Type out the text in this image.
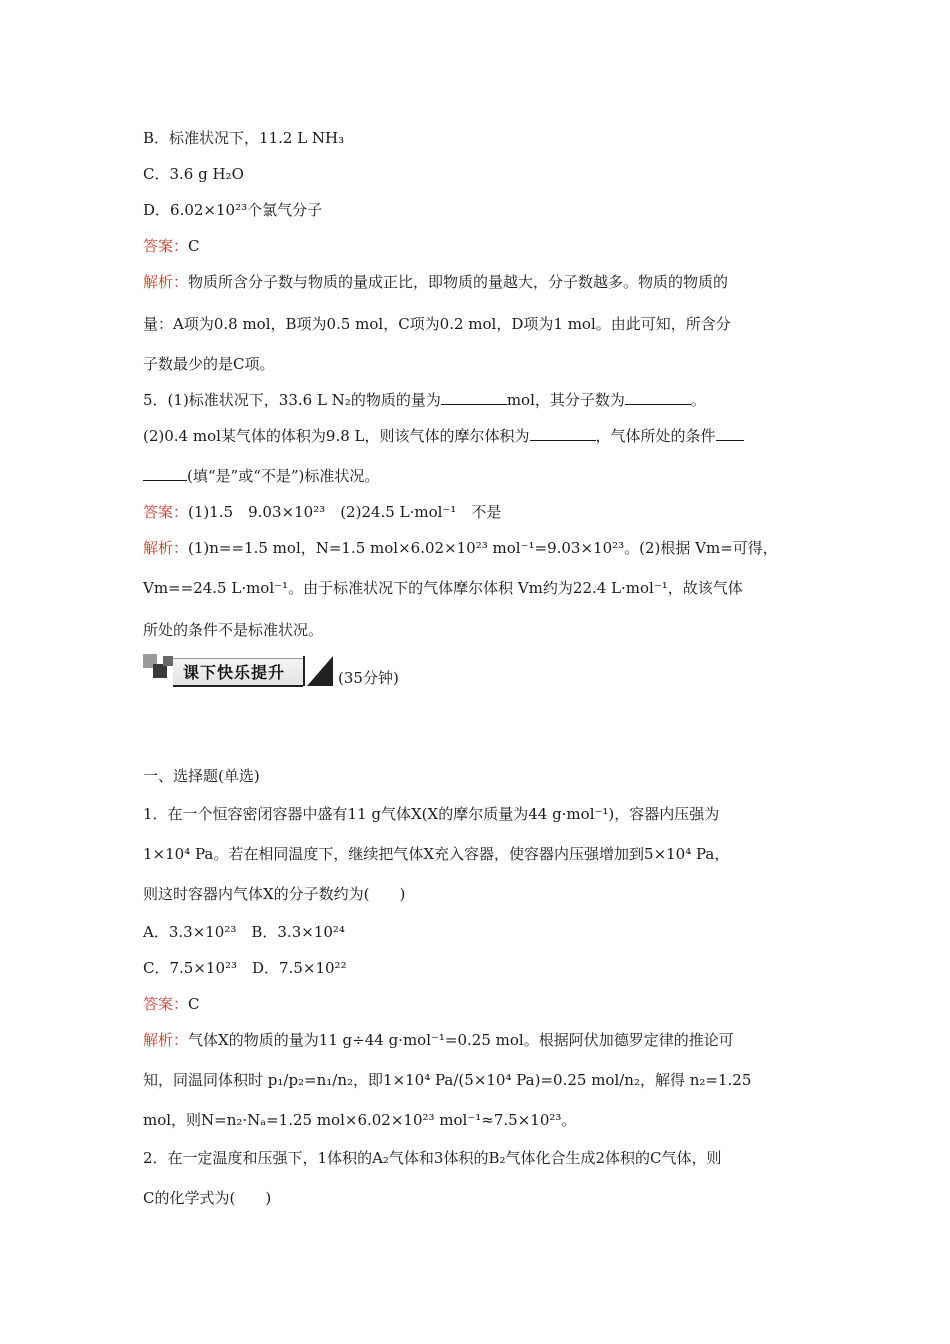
B．标准状况下，11.2 L NH₃
C．3.6 g H₂O
D．6.02×10²³个氯气分子
答案：C
解析：物质所含分子数与物质的量成正比，即物质的量越大，分子数越多。物质的物质的
量：A项为0.8 mol，B项为0.5 mol，C项为0.2 mol，D项为1 mol。由此可知，所含分
子数最少的是C项。
5．(1)标准状况下，33.6 L N₂的物质的量为	mol，其分子数为	。
(2)0.4 mol某气体的体积为9.8 L，则该气体的摩尔体积为	，气体所处的条件
(填“是”或“不是”)标准状况。
答案：(1)1.5　9.03×10²³　(2)24.5 L·mol⁻¹　不是
解析：(1)n==1.5 mol，N=1.5 mol×6.02×10²³ mol⁻¹=9.03×10²³。(2)根据 Vm=可得，
Vm==24.5 L·mol⁻¹。由于标准状况下的气体摩尔体积 Vm约为22.4 L·mol⁻¹，故该气体
所处的条件不是标准状况。
课下快乐提升	(35分钟)
一、选择题(单选)
1．在一个恒容密闭容器中盛有11 g气体X(X的摩尔质量为44 g·mol⁻¹)，容器内压强为
1×10⁴ Pa。若在相同温度下，继续把气体X充入容器，使容器内压强增加到5×10⁴ Pa，
则这时容器内气体X的分子数约为(　　)
A．3.3×10²³　B．3.3×10²⁴
C．7.5×10²³　D．7.5×10²²
答案：C
解析：气体X的物质的量为11 g÷44 g·mol⁻¹=0.25 mol。根据阿伏加德罗定律的推论可
知，同温同体积时 p₁/p₂=n₁/n₂，即1×10⁴ Pa/(5×10⁴ Pa)=0.25 mol/n₂，解得 n₂=1.25
mol，则N=n₂·Nₐ=1.25 mol×6.02×10²³ mol⁻¹≈7.5×10²³。
2．在一定温度和压强下，1体积的A₂气体和3体积的B₂气体化合生成2体积的C气体，则
C的化学式为(　　)
